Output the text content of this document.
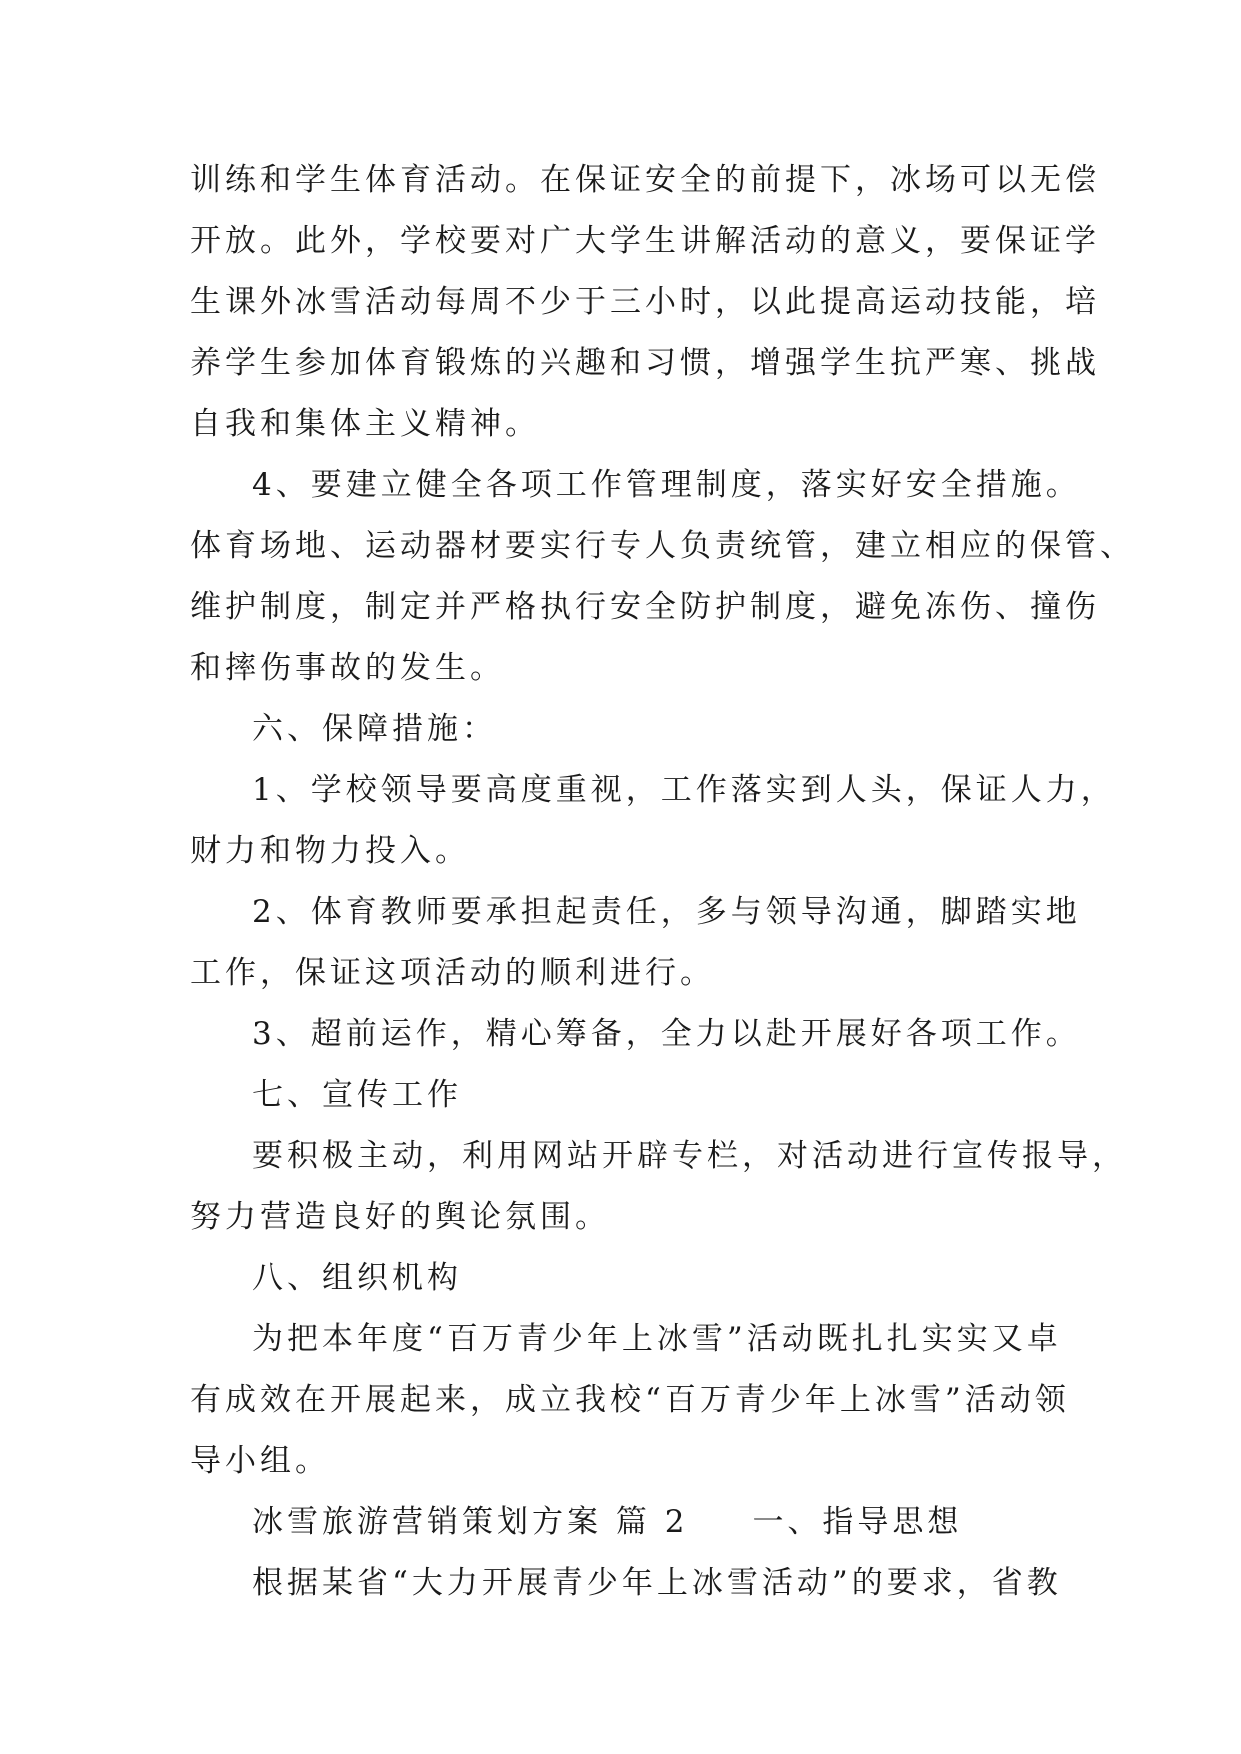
训练和学生体育活动。在保证安全的前提下，冰场可以无偿
开放。此外，学校要对广大学生讲解活动的意义，要保证学
生课外冰雪活动每周不少于三小时，以此提高运动技能，培
养学生参加体育锻炼的兴趣和习惯，增强学生抗严寒、挑战
自我和集体主义精神。
4、要建立健全各项工作管理制度，落实好安全措施。
体育场地、运动器材要实行专人负责统管，建立相应的保管、
维护制度，制定并严格执行安全防护制度，避免冻伤、撞伤
和摔伤事故的发生。
六、保障措施：
1、学校领导要高度重视，工作落实到人头，保证人力，
财力和物力投入。
2、体育教师要承担起责任，多与领导沟通，脚踏实地
工作，保证这项活动的顺利进行。
3、超前运作，精心筹备，全力以赴开展好各项工作。
七、宣传工作
要积极主动，利用网站开辟专栏，对活动进行宣传报导，
努力营造良好的舆论氛围。
八、组织机构
为把本年度“百万青少年上冰雪”活动既扎扎实实又卓
有成效在开展起来，成立我校“百万青少年上冰雪”活动领
导小组。
冰雪旅游营销策划方案 篇 2 一、指导思想
根据某省“大力开展青少年上冰雪活动”的要求，省教
